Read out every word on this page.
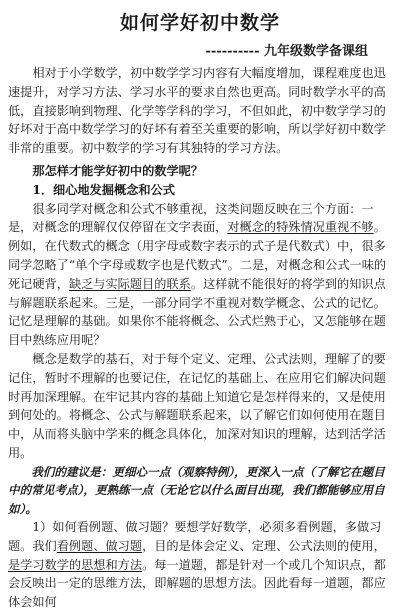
如何学好初中数学
---------- 九年级数学备课组

相对于小学数学，初中数学学习内容有大幅度增加，课程难度也迅速提升，对学习方法、学习水平的要求自然也更高。同时数学水平的高低，直接影响到物理、化学等学科的学习，不但如此，初中数学学习的好坏对于高中数学学习的好坏有着至关重要的影响，所以学好初中数学非常的重要。初中数学的学习有其独特的学习方法。

那怎样才能学好初中的数学呢？

1．细心地发掘概念和公式

很多同学对概念和公式不够重视，这类问题反映在三个方面：一是，对概念的理解仅仅停留在文字表面，对概念的特殊情况重视不够。例如，在代数式的概念（用字母或数字表示的式子是代数式）中，很多同学忽略了“单个字母或数字也是代数式”。二是，对概念和公式一味的死记硬背，缺乏与实际题目的联系。这样就不能很好的将学到的知识点与解题联系起来。三是，一部分同学不重视对数学概念、公式的记忆。记忆是理解的基础。如果你不能将概念、公式烂熟于心，又怎能够在题目中熟练应用呢？

概念是数学的基石，对于每个定义、定理、公式法则，理解了的要记住，暂时不理解的也要记住，在记忆的基础上、在应用它们解决问题时再加深理解。在牢记其内容的基础上知道它是怎样得来的，又是使用到何处的。将概念、公式与解题联系起来，以了解它们如何使用在题目中，从而将头脑中学来的概念具体化，加深对知识的理解，达到活学活用。

我们的建议是：更细心一点（观察特例），更深入一点（了解它在题目中的常见考点），更熟练一点（无论它以什么面目出现，我们都能够应用自如）。

1）如何看例题、做习题？要想学好数学，必须多看例题，多做习题。我们看例题、做习题，目的是体会定义、定理、公式法则的使用，是学习数学的思想和方法。每一道题，都是针对一个或几个知识点，都会反映出一定的思维方法，即解题的思想方法。因此看每一道题，都应体会如何
